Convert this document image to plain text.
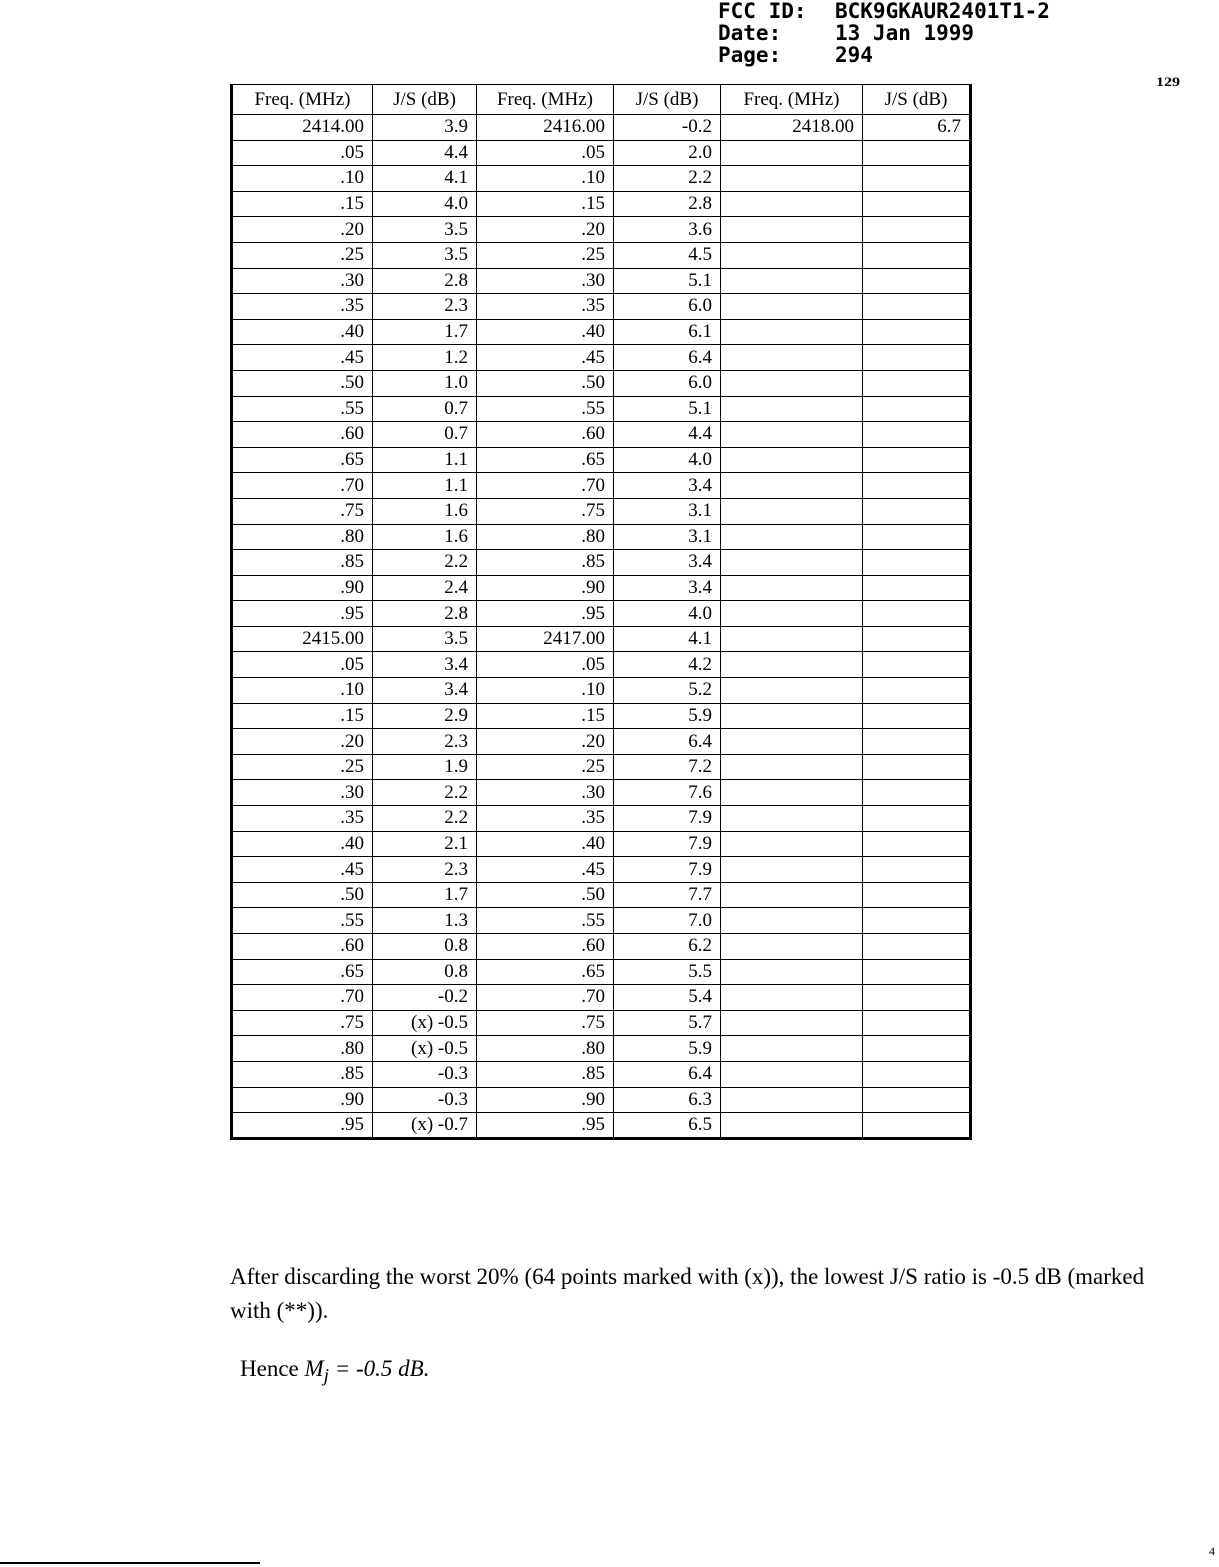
FCC ID:	BCK9GKAUR2401T1-2
Date:	13 Jan 1999
Page:	294
129
Freq. (MHz)	J/S (dB)	Freq. (MHz)	J/S (dB)	Freq. (MHz)	J/S (dB)
2414.00	3.9	2416.00	-0.2	2418.00	6.7
.05	4.4	.05	2.0		
.10	4.1	.10	2.2		
.15	4.0	.15	2.8		
.20	3.5	.20	3.6		
.25	3.5	.25	4.5		
.30	2.8	.30	5.1		
.35	2.3	.35	6.0		
.40	1.7	.40	6.1		
.45	1.2	.45	6.4		
.50	1.0	.50	6.0		
.55	0.7	.55	5.1		
.60	0.7	.60	4.4		
.65	1.1	.65	4.0		
.70	1.1	.70	3.4		
.75	1.6	.75	3.1		
.80	1.6	.80	3.1		
.85	2.2	.85	3.4		
.90	2.4	.90	3.4		
.95	2.8	.95	4.0		
2415.00	3.5	2417.00	4.1		
.05	3.4	.05	4.2		
.10	3.4	.10	5.2		
.15	2.9	.15	5.9		
.20	2.3	.20	6.4		
.25	1.9	.25	7.2		
.30	2.2	.30	7.6		
.35	2.2	.35	7.9		
.40	2.1	.40	7.9		
.45	2.3	.45	7.9		
.50	1.7	.50	7.7		
.55	1.3	.55	7.0		
.60	0.8	.60	6.2		
.65	0.8	.65	5.5		
.70	-0.2	.70	5.4		
.75	(x) -0.5	.75	5.7		
.80	(x) -0.5	.80	5.9		
.85	-0.3	.85	6.4		
.90	-0.3	.90	6.3		
.95	(x) -0.7	.95	6.5		
After discarding the worst 20% (64 points marked with (x)), the lowest J/S ratio is -0.5 dB (marked with (**)).
Hence $M_j = -0.5$ dB.
4
